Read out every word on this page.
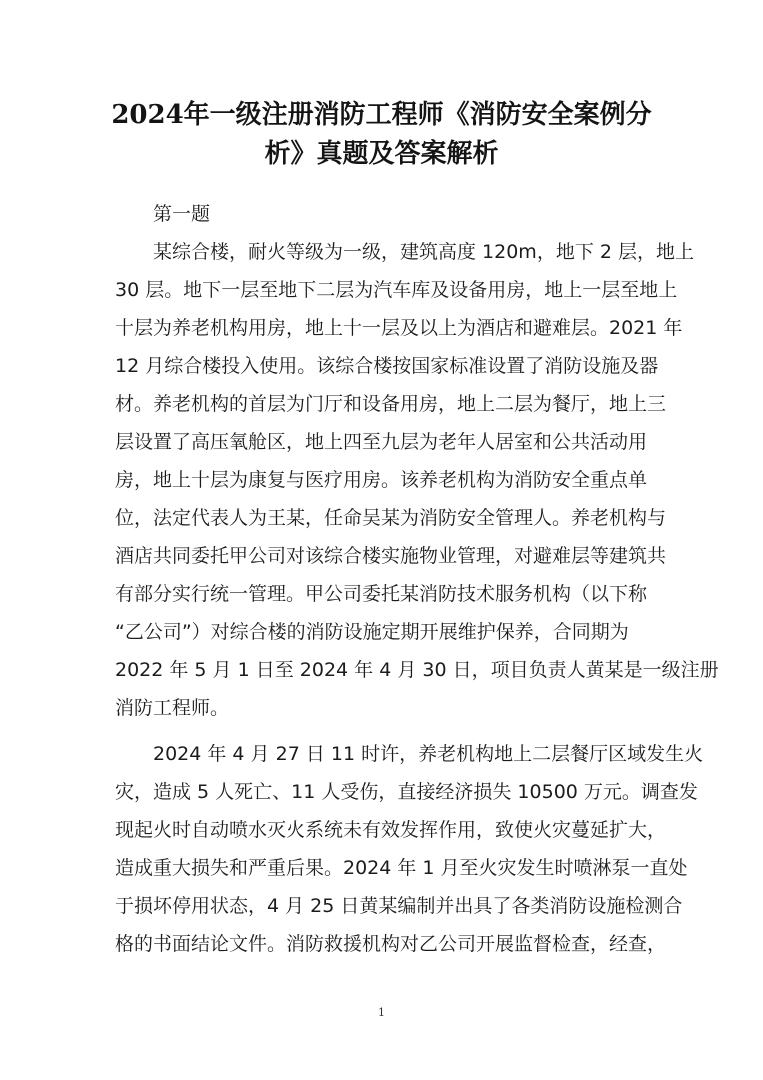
2024年一级注册消防工程师《消防安全案例分
析》真题及答案解析
第一题
某综合楼，耐火等级为一级，建筑高度 120m，地下 2 层，地上
30 层。地下一层至地下二层为汽车库及设备用房，地上一层至地上
十层为养老机构用房，地上十一层及以上为酒店和避难层。2021 年
12 月综合楼投入使用。该综合楼按国家标准设置了消防设施及器
材。养老机构的首层为门厅和设备用房，地上二层为餐厅，地上三
层设置了高压氧舱区，地上四至九层为老年人居室和公共活动用
房，地上十层为康复与医疗用房。该养老机构为消防安全重点单
位，法定代表人为王某，任命吴某为消防安全管理人。养老机构与
酒店共同委托甲公司对该综合楼实施物业管理，对避难层等建筑共
有部分实行统一管理。甲公司委托某消防技术服务机构（以下称
“乙公司”）对综合楼的消防设施定期开展维护保养，合同期为
2022 年 5 月 1 日至 2024 年 4 月 30 日，项目负责人黄某是一级注册
消防工程师。
2024 年 4 月 27 日 11 时许，养老机构地上二层餐厅区域发生火
灾，造成 5 人死亡、11 人受伤，直接经济损失 10500 万元。调查发
现起火时自动喷水灭火系统未有效发挥作用，致使火灾蔓延扩大，
造成重大损失和严重后果。2024 年 1 月至火灾发生时喷淋泵一直处
于损坏停用状态，4 月 25 日黄某编制并出具了各类消防设施检测合
格的书面结论文件。消防救援机构对乙公司开展监督检查，经查，
1
